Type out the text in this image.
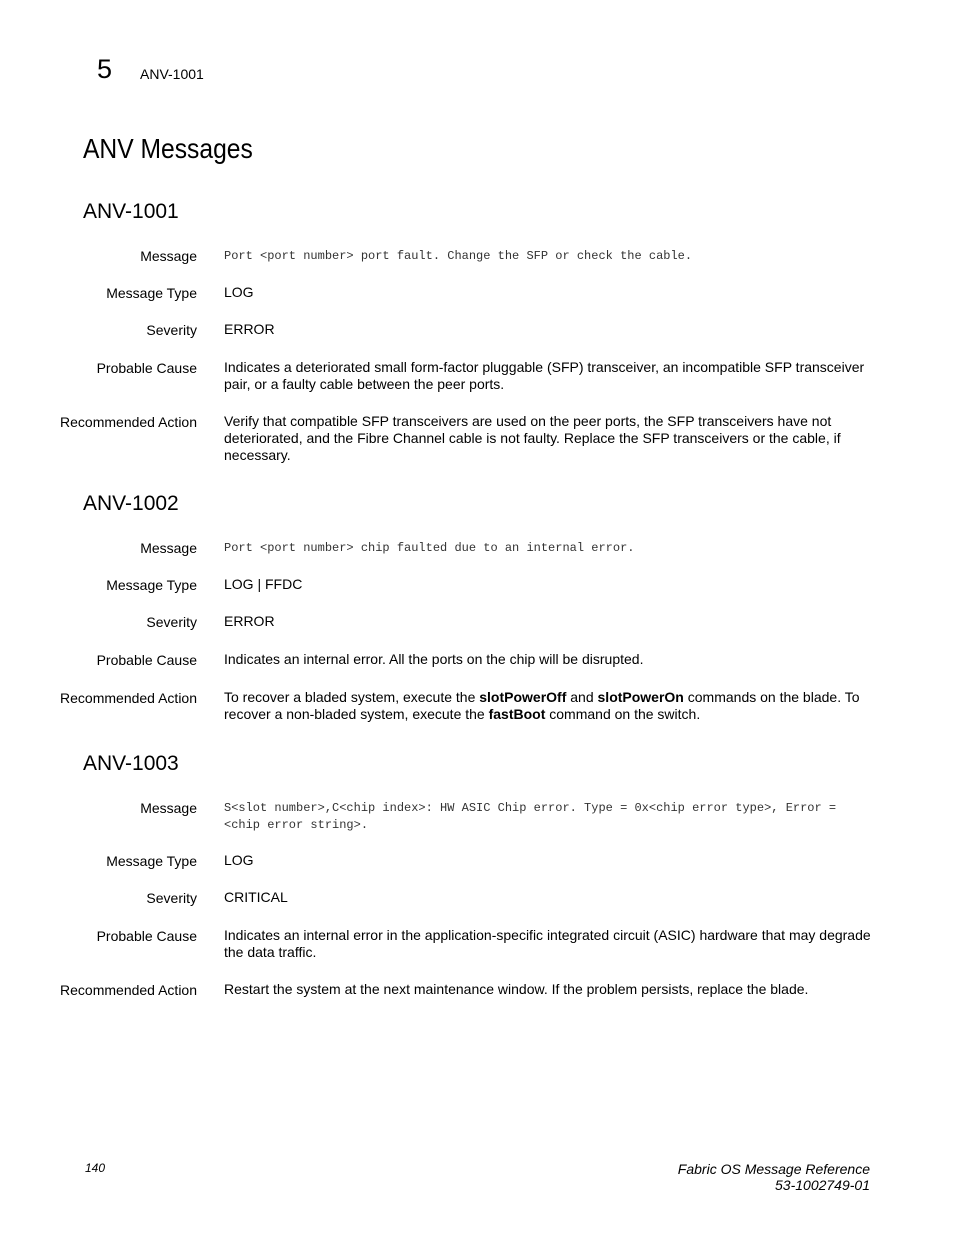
5 ANV-1001
ANV Messages
ANV-1001
Message Port <port number> port fault. Change the SFP or check the cable.
Message Type LOG
Severity ERROR
Probable Cause Indicates a deteriorated small form-factor pluggable (SFP) transceiver, an incompatible SFP transceiver pair, or a faulty cable between the peer ports.
Recommended Action Verify that compatible SFP transceivers are used on the peer ports, the SFP transceivers have not deteriorated, and the Fibre Channel cable is not faulty. Replace the SFP transceivers or the cable, if necessary.
ANV-1002
Message Port <port number> chip faulted due to an internal error.
Message Type LOG | FFDC
Severity ERROR
Probable Cause Indicates an internal error. All the ports on the chip will be disrupted.
Recommended Action To recover a bladed system, execute the slotPowerOff and slotPowerOn commands on the blade. To recover a non-bladed system, execute the fastBoot command on the switch.
ANV-1003
Message S<slot number>,C<chip index>: HW ASIC Chip error. Type = 0x<chip error type>, Error = <chip error string>.
Message Type LOG
Severity CRITICAL
Probable Cause Indicates an internal error in the application-specific integrated circuit (ASIC) hardware that may degrade the data traffic.
Recommended Action Restart the system at the next maintenance window. If the problem persists, replace the blade.
140	Fabric OS Message Reference
53-1002749-01
